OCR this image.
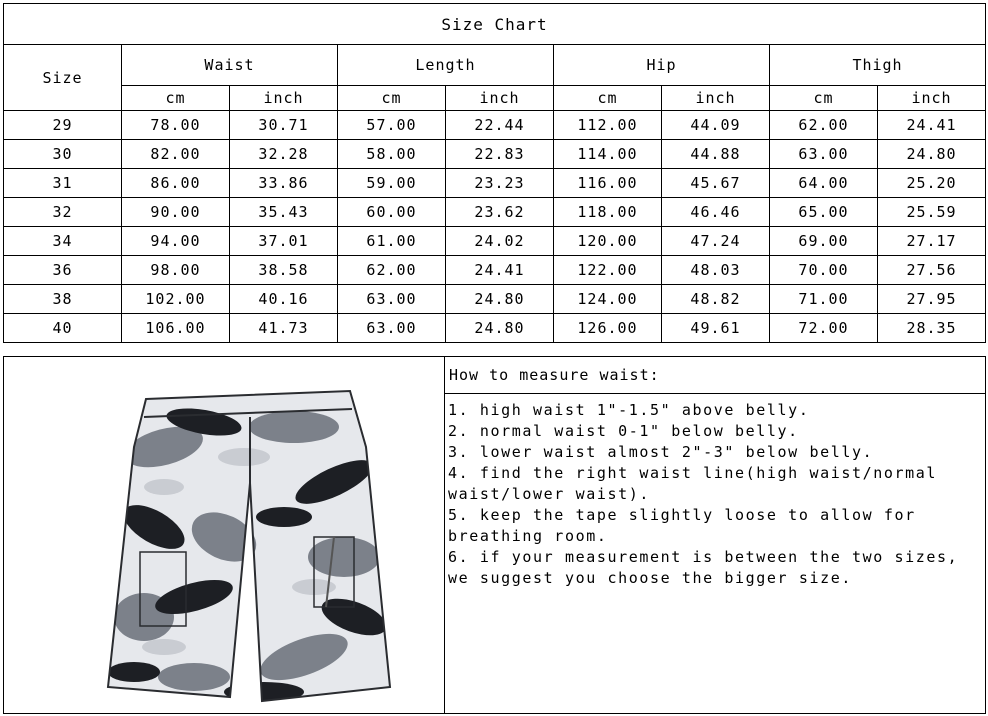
Size Chart								
Size	Waist		Length		Hip		Thigh	
	cm	inch	cm	inch	cm	inch	cm	inch
29	78.00	30.71	57.00	22.44	112.00	44.09	62.00	24.41
30	82.00	32.28	58.00	22.83	114.00	44.88	63.00	24.80
31	86.00	33.86	59.00	23.23	116.00	45.67	64.00	25.20
32	90.00	35.43	60.00	23.62	118.00	46.46	65.00	25.59
34	94.00	37.01	61.00	24.02	120.00	47.24	69.00	27.17
36	98.00	38.58	62.00	24.41	122.00	48.03	70.00	27.56
38	102.00	40.16	63.00	24.80	124.00	48.82	71.00	27.95
40	106.00	41.73	63.00	24.80	126.00	49.61	72.00	28.35
How to measure waist:
1. high waist 1"-1.5" above belly.
2. normal waist 0-1" below belly.
3. lower waist almost 2"-3" below belly.
4. find the right waist line(high waist/normal waist/lower waist).
5. keep the tape slightly loose to allow for breathing room.
6. if your measurement is between the two sizes, we suggest you choose the bigger size.
